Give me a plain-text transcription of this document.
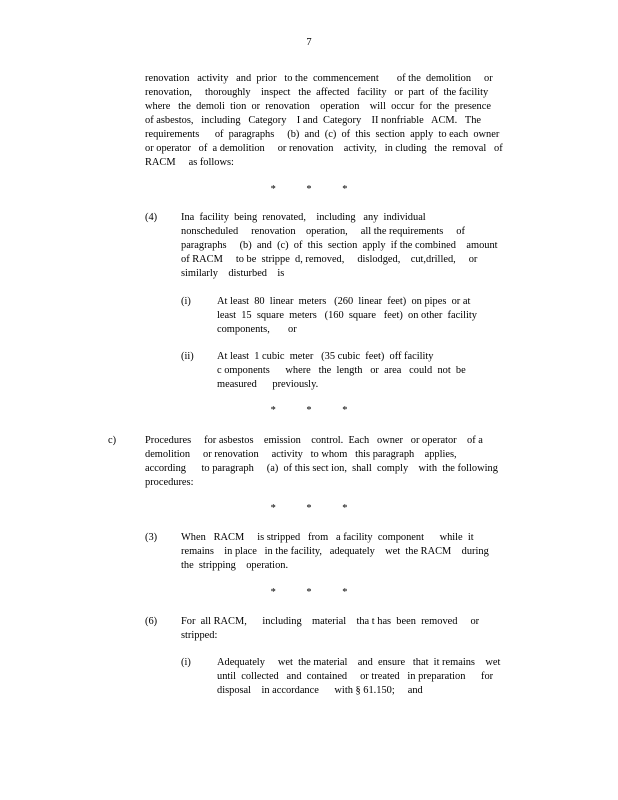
7
renovation   activity   and  prior   to the  commencement       of the  demolition     or
renovation,     thoroughly    inspect   the  affected   facility   or  part  of  the facility
where   the  demoli  tion  or  renovation    operation    will  occur  for  the  presence
of asbestos,   including   Category    I and  Category    II nonfriable   ACM.   The
requirements      of  paragraphs     (b)  and  (c)  of  this  section  apply  to each  owner
or operator   of  a demolition     or renovation    activity,   in cluding   the  removal   of
RACM     as follows:
* * *
(4) Ina  facility  being  renovated,    including   any  individual
nonscheduled     renovation    operation,     all the requirements     of
paragraphs     (b)  and  (c)  of  this  section  apply  if the combined    amount
of RACM     to be  strippe  d, removed,     dislodged,    cut,drilled,     or
similarly    disturbed    is
(i)	At least  80  linear  meters   (260  linear  feet)  on pipes  or at
least  15  square  meters   (160  square   feet)  on other  facility
components,       or
(ii) At least  1 cubic  meter   (35 cubic  feet)  off facility
c omponents      where   the  length   or  area   could  not  be
measured      previously.
* * *
c)	Procedures     for asbestos    emission    control.  Each   owner   or operator    of a
demolition     or renovation     activity   to whom   this paragraph    applies,
according      to paragraph     (a)  of this sect ion,  shall  comply    with  the following
procedures:
* * *
(3) When   RACM     is stripped   from   a facility  component      while  it
remains    in place   in the facility,   adequately    wet  the RACM    during
the  stripping    operation.
* * *
(6) For  all RACM,      including    material    tha t has  been  removed     or
stripped:
(i)	Adequately     wet  the material    and  ensure   that  it remains    wet
until  collected   and  contained     or treated   in preparation      for
disposal    in accordance      with § 61.150;     and
